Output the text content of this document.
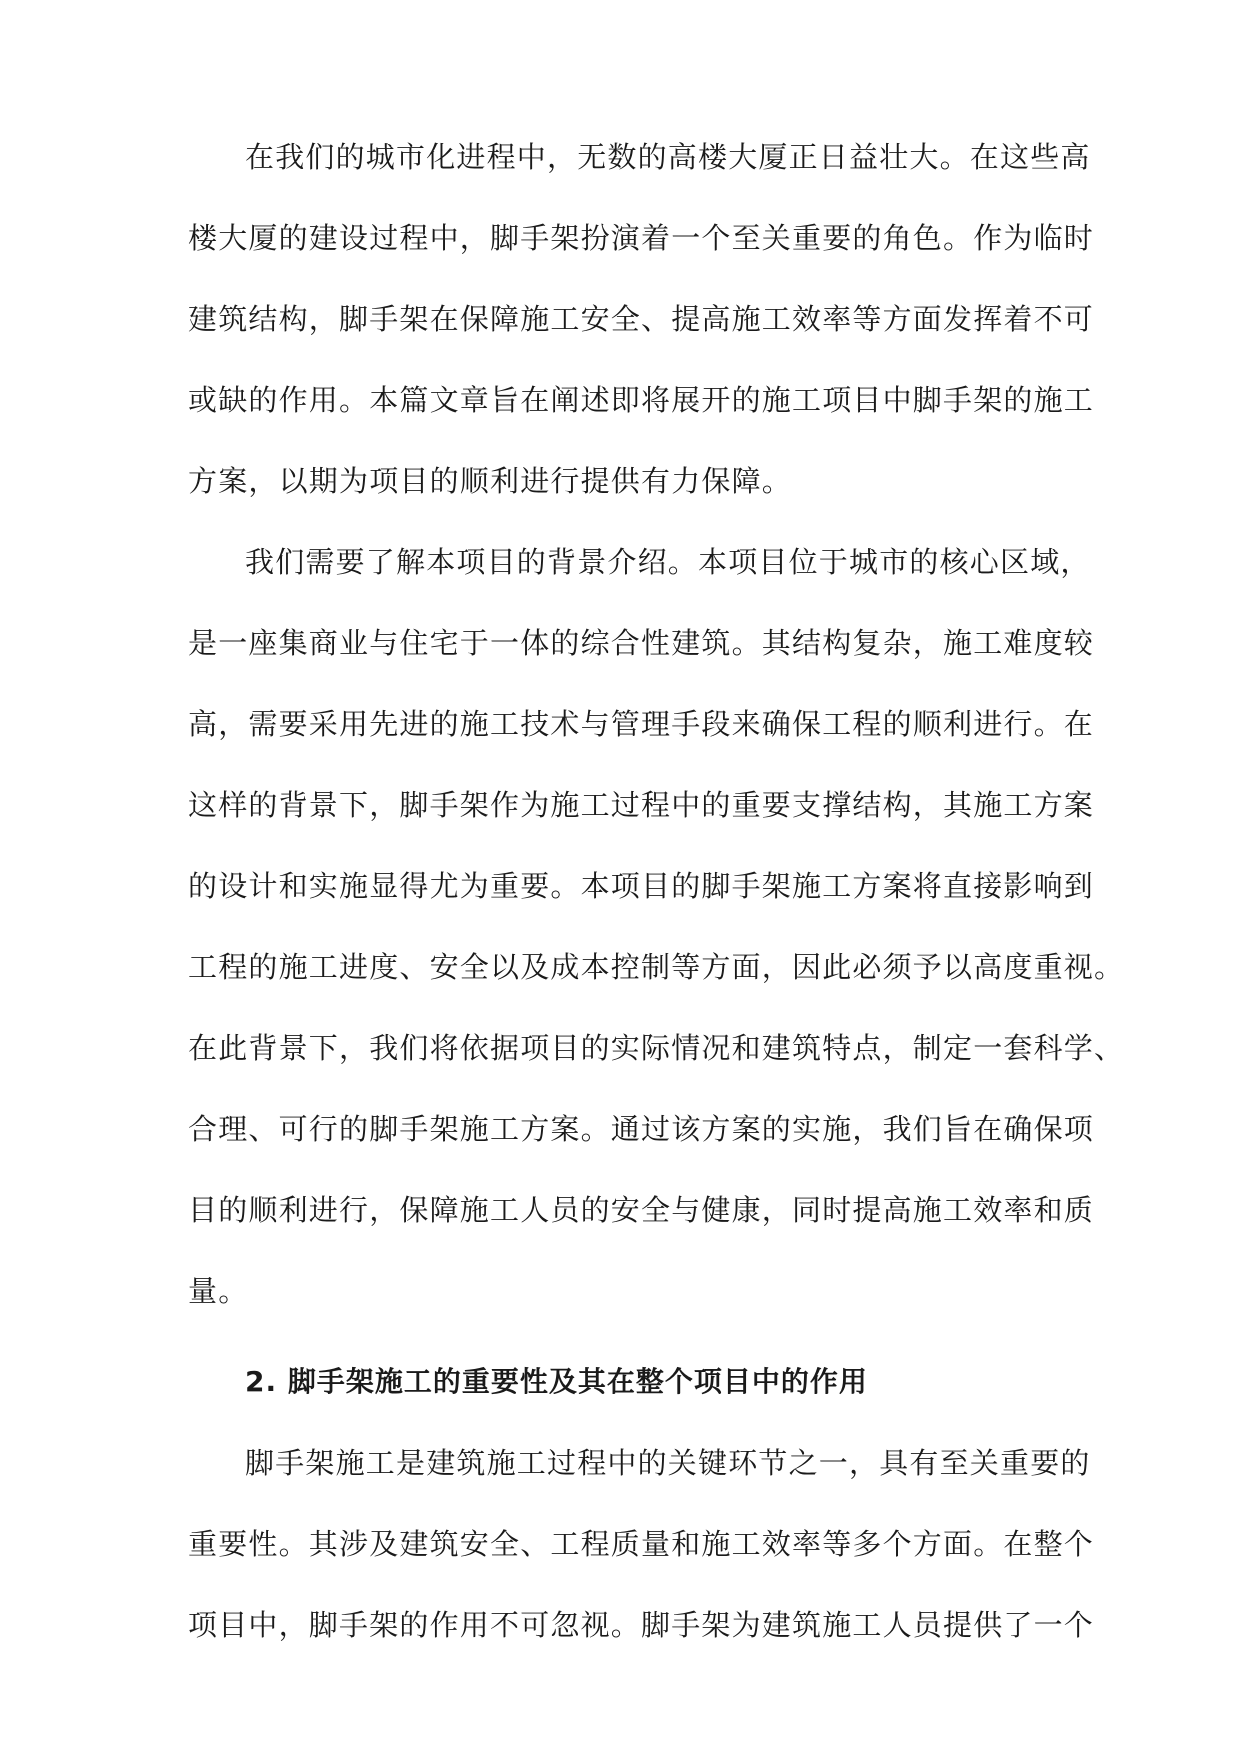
在我们的城市化进程中，无数的高楼大厦正日益壮大。在这些高
楼大厦的建设过程中，脚手架扮演着一个至关重要的角色。作为临时
建筑结构，脚手架在保障施工安全、提高施工效率等方面发挥着不可
或缺的作用。本篇文章旨在阐述即将展开的施工项目中脚手架的施工
方案，以期为项目的顺利进行提供有力保障。
我们需要了解本项目的背景介绍。本项目位于城市的核心区域，
是一座集商业与住宅于一体的综合性建筑。其结构复杂，施工难度较
高，需要采用先进的施工技术与管理手段来确保工程的顺利进行。在
这样的背景下，脚手架作为施工过程中的重要支撑结构，其施工方案
的设计和实施显得尤为重要。本项目的脚手架施工方案将直接影响到
工程的施工进度、安全以及成本控制等方面，因此必须予以高度重视。
在此背景下，我们将依据项目的实际情况和建筑特点，制定一套科学、
合理、可行的脚手架施工方案。通过该方案的实施，我们旨在确保项
目的顺利进行，保障施工人员的安全与健康，同时提高施工效率和质
量。
2. 脚手架施工的重要性及其在整个项目中的作用
脚手架施工是建筑施工过程中的关键环节之一，具有至关重要的
重要性。其涉及建筑安全、工程质量和施工效率等多个方面。在整个
项目中，脚手架的作用不可忽视。脚手架为建筑施工人员提供了一个
